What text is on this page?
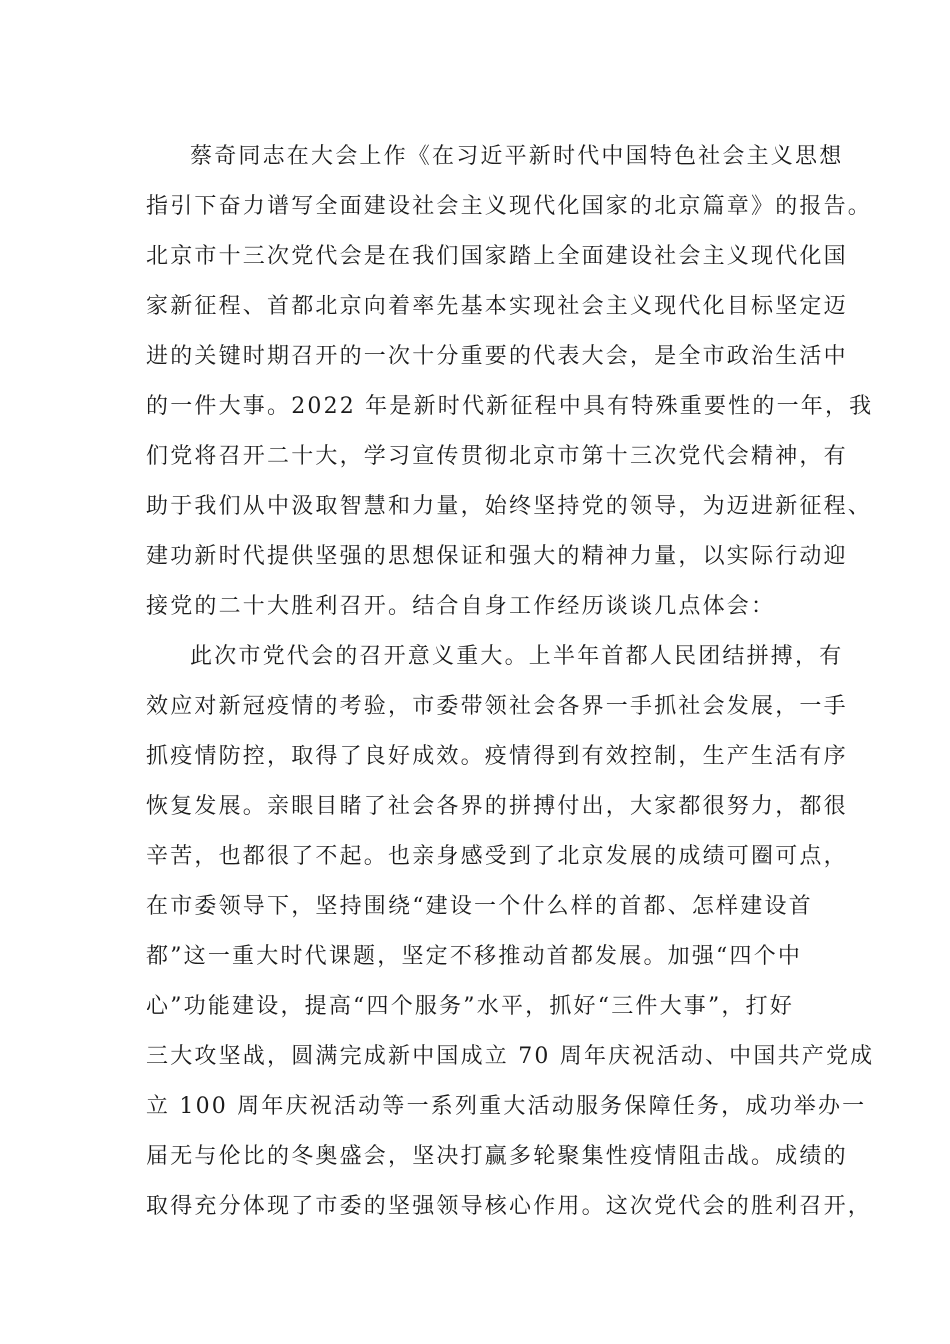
蔡奇同志在大会上作《在习近平新时代中国特色社会主义思想
指引下奋力谱写全面建设社会主义现代化国家的北京篇章》的报告。
北京市十三次党代会是在我们国家踏上全面建设社会主义现代化国
家新征程、首都北京向着率先基本实现社会主义现代化目标坚定迈
进的关键时期召开的一次十分重要的代表大会，是全市政治生活中
的一件大事。2022 年是新时代新征程中具有特殊重要性的一年，我
们党将召开二十大，学习宣传贯彻北京市第十三次党代会精神，有
助于我们从中汲取智慧和力量，始终坚持党的领导，为迈进新征程、
建功新时代提供坚强的思想保证和强大的精神力量，以实际行动迎
接党的二十大胜利召开。结合自身工作经历谈谈几点体会：
此次市党代会的召开意义重大。上半年首都人民团结拼搏，有
效应对新冠疫情的考验，市委带领社会各界一手抓社会发展，一手
抓疫情防控，取得了良好成效。疫情得到有效控制，生产生活有序
恢复发展。亲眼目睹了社会各界的拼搏付出，大家都很努力，都很
辛苦，也都很了不起。也亲身感受到了北京发展的成绩可圈可点，
在市委领导下，坚持围绕“建设一个什么样的首都、怎样建设首
都”这一重大时代课题，坚定不移推动首都发展。加强“四个中
心”功能建设，提高“四个服务”水平，抓好“三件大事”，打好
三大攻坚战，圆满完成新中国成立 70 周年庆祝活动、中国共产党成
立 100 周年庆祝活动等一系列重大活动服务保障任务，成功举办一
届无与伦比的冬奥盛会，坚决打赢多轮聚集性疫情阻击战。成绩的
取得充分体现了市委的坚强领导核心作用。这次党代会的胜利召开，
